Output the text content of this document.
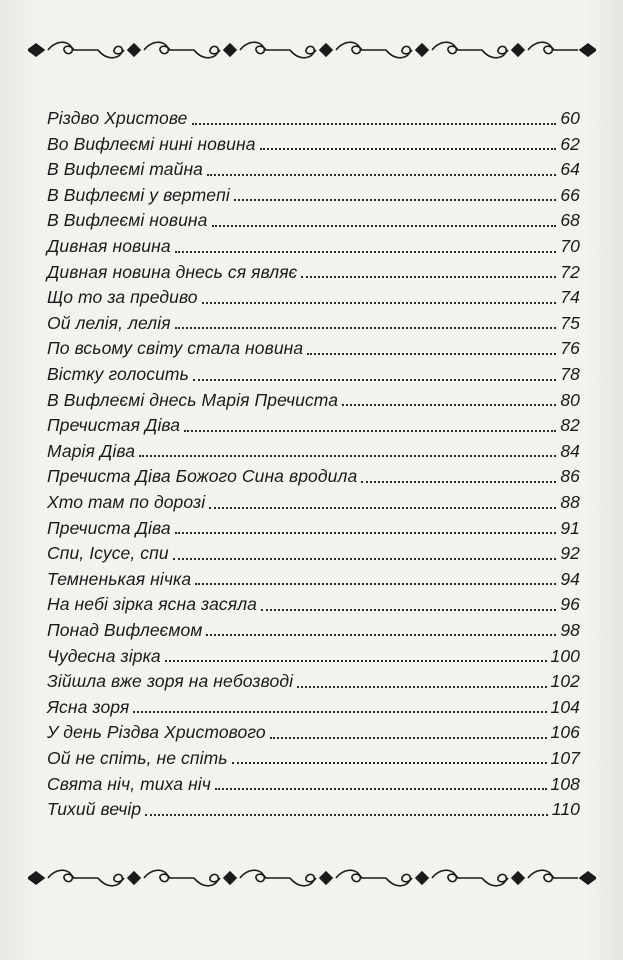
Різдво Христове	60
Во Вифлеємі нині новина	62
В Вифлеємі тайна	64
В Вифлеємі у вертепі	66
В Вифлеємі новина	68
Дивная новина	70
Дивная новина днесь ся являє	72
Що то за предиво	74
Ой лелія, лелія	75
По всьому світу стала новина	76
Вістку голосить	78
В Вифлеємі днесь Марія Пречиста	80
Пречистая Діва	82
Марія Діва	84
Пречиста Діва Божого Сина вродила	86
Хто там по дорозі	88
Пречиста Діва	91
Спи, Ісусе, спи	92
Темненькая нічка	94
На небі зірка ясна засяла	96
Понад Вифлеємом	98
Чудесна зірка	100
Зійшла вже зоря на небозводі	102
Ясна зоря	104
У день Різдва Христового	106
Ой не спіть, не спіть	107
Свята ніч, тиха ніч	108
Тихий вечір	110
